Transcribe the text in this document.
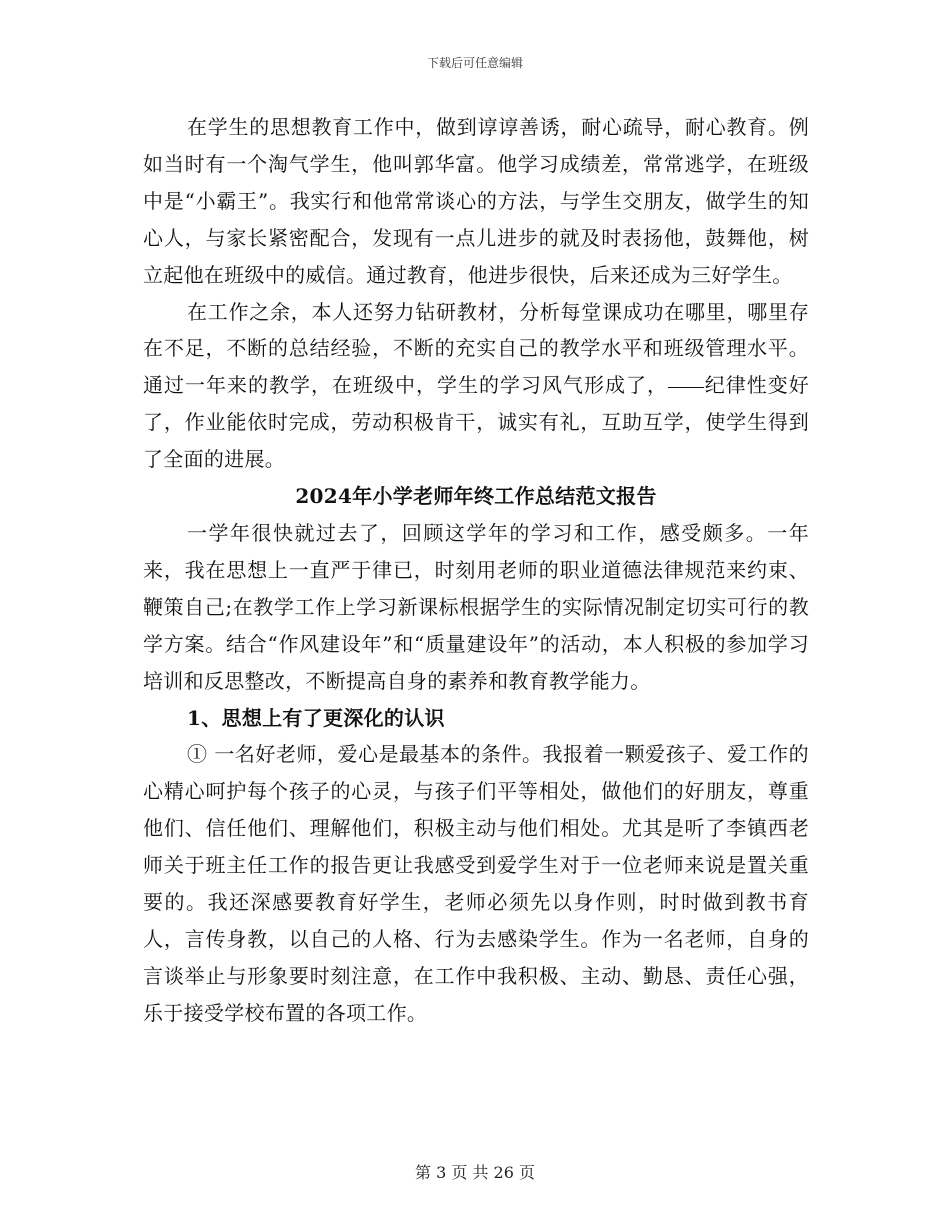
下载后可任意编辑

在学生的思想教育工作中，做到谆谆善诱，耐心疏导，耐心教育。例如当时有一个淘气学生，他叫郭华富。他学习成绩差，常常逃学，在班级中是“小霸王”。我实行和他常常谈心的方法，与学生交朋友，做学生的知心人，与家长紧密配合，发现有一点儿进步的就及时表扬他，鼓舞他，树立起他在班级中的威信。通过教育，他进步很快，后来还成为三好学生。

在工作之余，本人还努力钻研教材，分析每堂课成功在哪里，哪里存在不足，不断的总结经验，不断的充实自己的教学水平和班级管理水平。通过一年来的教学，在班级中，学生的学习风气形成了， 纪律性变好了，作业能依时完成，劳动积极肯干，诚实有礼，互助互学，使学生得到了全面的进展。

2024年小学老师年终工作总结范文报告

一学年很快就过去了，回顾这学年的学习和工作，感受颇多。一年来，我在思想上一直严于律已，时刻用老师的职业道德法律规范来约束、鞭策自己;在教学工作上学习新课标根据学生的实际情况制定切实可行的教学方案。结合“作风建设年”和“质量建设年”的活动，本人积极的参加学习培训和反思整改，不断提高自身的素养和教育教学能力。

1、思想上有了更深化的认识

① 一名好老师，爱心是最基本的条件。我报着一颗爱孩子、爱工作的心精心呵护每个孩子的心灵，与孩子们平等相处，做他们的好朋友，尊重他们、信任他们、理解他们，积极主动与他们相处。尤其是听了李镇西老师关于班主任工作的报告更让我感受到爱学生对于一位老师来说是置关重要的。我还深感要教育好学生，老师必须先以身作则，时时做到教书育人，言传身教，以自己的人格、行为去感染学生。作为一名老师，自身的言谈举止与形象要时刻注意，在工作中我积极、主动、勤恳、责任心强，乐于接受学校布置的各项工作。

第 3 页 共 26 页
